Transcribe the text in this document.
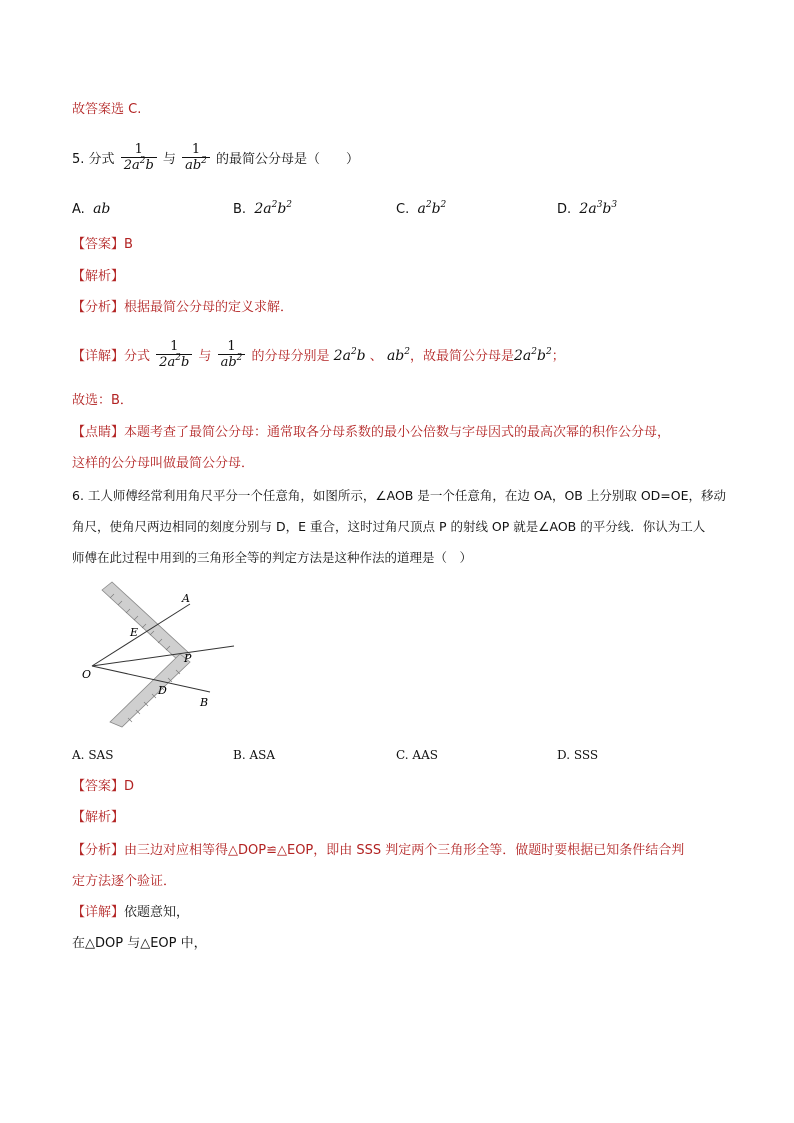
故答案选 C.
5. 分式 $\frac{1}{2a^2b}$ 与 $\frac{1}{ab^2}$ 的最简公分母是（　　）
A. ab	B. $2a^2b^2$	C. $a^2b^2$	D. $2a^3b^3$
【答案】B
【解析】
【分析】根据最简公分母的定义求解．
【详解】分式 $\frac{1}{2a^2b}$ 与 $\frac{1}{ab^2}$ 的分母分别是 $2a^2b$ 、 $ab^2$，故最简公分母是$2a^2b^2$；
故选：B．
【点睛】本题考查了最简公分母：通常取各分母系数的最小公倍数与字母因式的最高次幂的积作公分母，
这样的公分母叫做最简公分母．
6. 工人师傅经常利用角尺平分一个任意角，如图所示，∠AOB 是一个任意角，在边 OA，OB 上分别取 OD=OE，移动
角尺，使角尺两边相同的刻度分别与 D，E 重合，这时过角尺顶点 P 的射线 OP 就是∠AOB 的平分线．你认为工人
师傅在此过程中用到的三角形全等的判定方法是这种作法的道理是（　）
A
E
P
O
D
B
A. SAS	B. ASA	C. AAS	D. SSS
【答案】D
【解析】
【分析】由三边对应相等得△DOP≌△EOP，即由 SSS 判定两个三角形全等．做题时要根据已知条件结合判
定方法逐个验证．
【详解】依题意知，
在△DOP 与△EOP 中，
